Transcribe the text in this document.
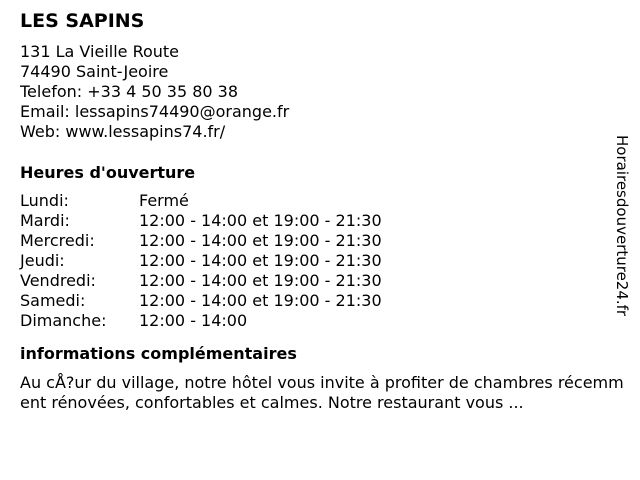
LES SAPINS
131 La Vieille Route
74490 Saint-Jeoire
Telefon: +33 4 50 35 80 38
Email: lessapins74490@orange.fr
Web: www.lessapins74.fr/
Heures d'ouverture
Lundi:	Fermé
Mardi:	12:00 - 14:00 et 19:00 - 21:30
Mercredi:	12:00 - 14:00 et 19:00 - 21:30
Jeudi:	12:00 - 14:00 et 19:00 - 21:30
Vendredi:	12:00 - 14:00 et 19:00 - 21:30
Samedi:	12:00 - 14:00 et 19:00 - 21:30
Dimanche:	12:00 - 14:00
informations complémentaires
Au cÅ?ur du village, notre hôtel vous invite à profiter de chambres récemment rénovées, confortables et calmes. Notre restaurant vous ...
Horairesdouverture24.fr
